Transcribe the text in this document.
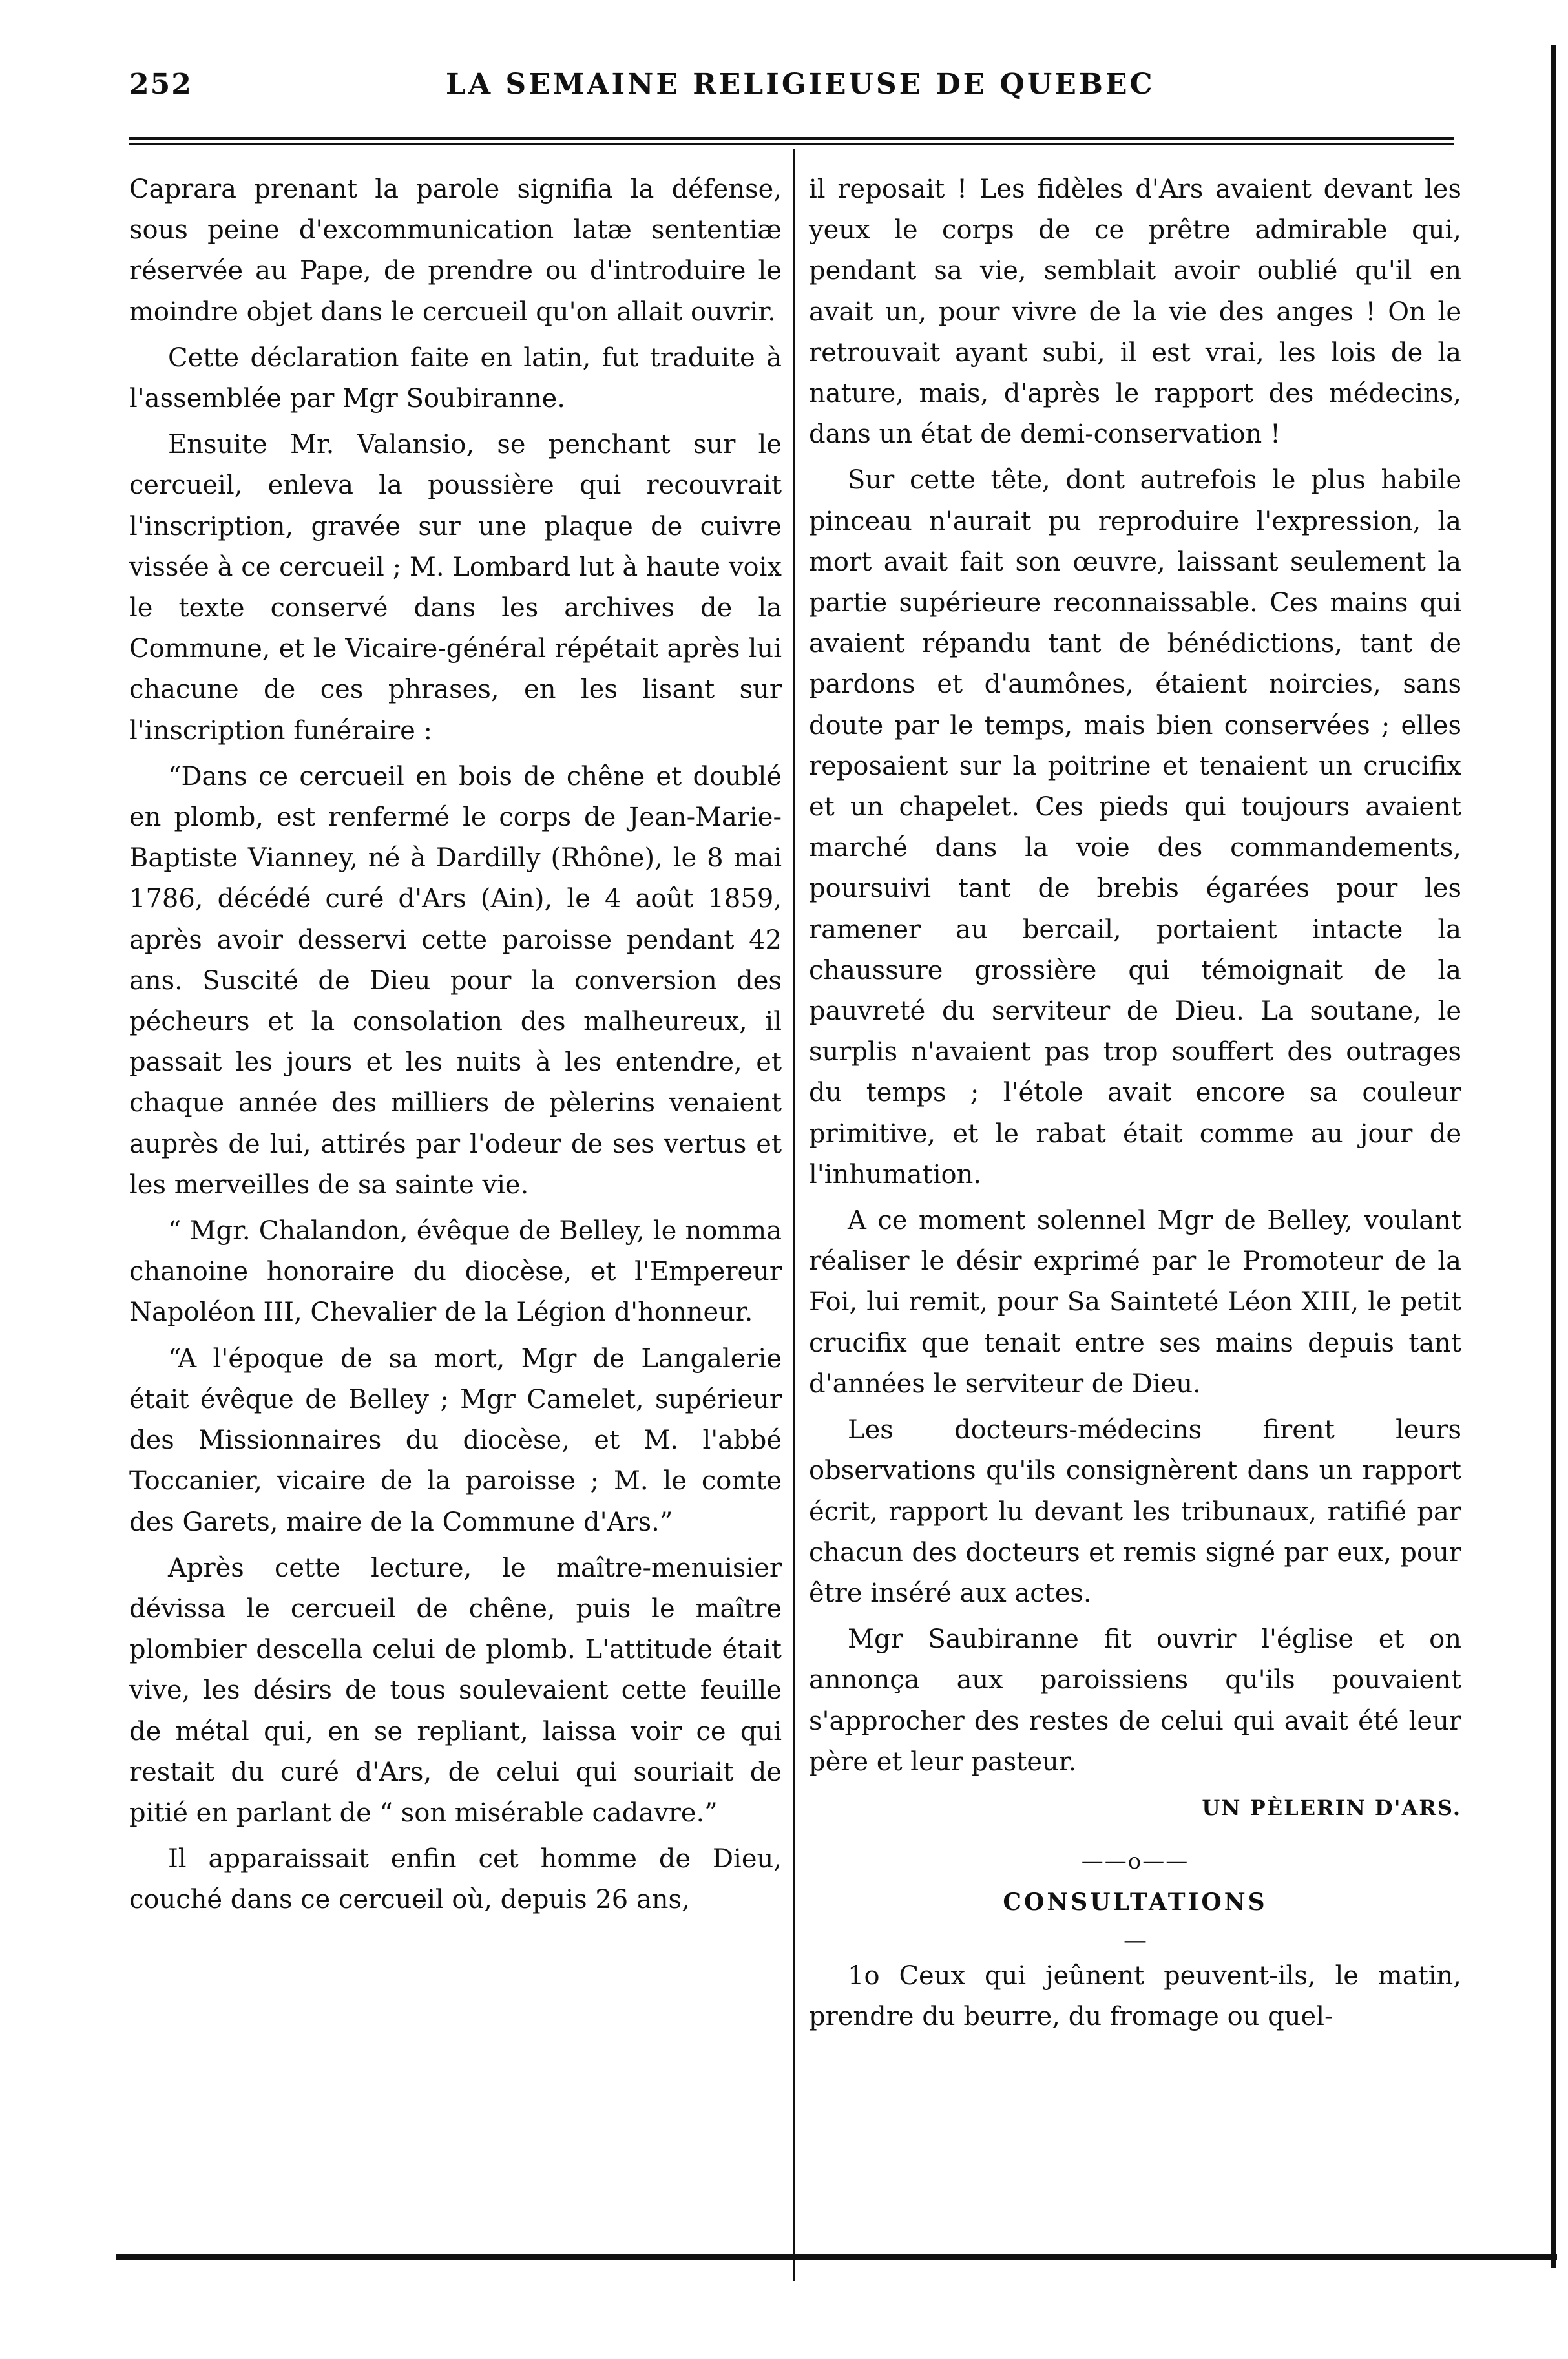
252	LA SEMAINE RELIGIEUSE DE QUEBEC

Caprara prenant la parole signifia la défense, sous peine d'excommunication latæ sententiæ réservée au Pape, de prendre ou d'introduire le moindre objet dans le cercueil qu'on allait ouvrir.

Cette déclaration faite en latin, fut traduite à l'assemblée par Mgr Soubiranne.

Ensuite Mr. Valansio, se penchant sur le cercueil, enleva la poussière qui recouvrait l'inscription, gravée sur une plaque de cuivre vissée à ce cercueil ; M. Lombard lut à haute voix le texte conservé dans les archives de la Commune, et le Vicaire-général répétait après lui chacune de ces phrases, en les lisant sur l'inscription funéraire :

“Dans ce cercueil en bois de chêne et doublé en plomb, est renfermé le corps de Jean-Marie-Baptiste Vianney, né à Dardilly (Rhône), le 8 mai 1786, décédé curé d'Ars (Ain), le 4 août 1859, après avoir desservi cette paroisse pendant 42 ans. Suscité de Dieu pour la conversion des pécheurs et la consolation des malheureux, il passait les jours et les nuits à les entendre, et chaque année des milliers de pèlerins venaient auprès de lui, attirés par l'odeur de ses vertus et les merveilles de sa sainte vie.

“ Mgr. Chalandon, évêque de Belley, le nomma chanoine honoraire du diocèse, et l'Empereur Napoléon III, Chevalier de la Légion d'honneur.

“A l'époque de sa mort, Mgr de Langalerie était évêque de Belley ; Mgr Camelet, supérieur des Missionnaires du diocèse, et M. l'abbé Toccanier, vicaire de la paroisse ; M. le comte des Garets, maire de la Commune d'Ars.”

Après cette lecture, le maître-menuisier dévissa le cercueil de chêne, puis le maître plombier descella celui de plomb. L'attitude était vive, les désirs de tous soulevaient cette feuille de métal qui, en se repliant, laissa voir ce qui restait du curé d'Ars, de celui qui souriait de pitié en parlant de “ son misérable cadavre.”

Il apparaissait enfin cet homme de Dieu, couché dans ce cercueil où, depuis 26 ans,

il reposait ! Les fidèles d'Ars avaient devant les yeux le corps de ce prêtre admirable qui, pendant sa vie, semblait avoir oublié qu'il en avait un, pour vivre de la vie des anges ! On le retrouvait ayant subi, il est vrai, les lois de la nature, mais, d'après le rapport des médecins, dans un état de demi-conservation !

Sur cette tête, dont autrefois le plus habile pinceau n'aurait pu reproduire l'expression, la mort avait fait son œuvre, laissant seulement la partie supérieure reconnaissable. Ces mains qui avaient répandu tant de bénédictions, tant de pardons et d'aumônes, étaient noircies, sans doute par le temps, mais bien conservées ; elles reposaient sur la poitrine et tenaient un crucifix et un chapelet. Ces pieds qui toujours avaient marché dans la voie des commandements, poursuivi tant de brebis égarées pour les ramener au bercail, portaient intacte la chaussure grossière qui témoignait de la pauvreté du serviteur de Dieu. La soutane, le surplis n'avaient pas trop souffert des outrages du temps ; l'étole avait encore sa couleur primitive, et le rabat était comme au jour de l'inhumation.

A ce moment solennel Mgr de Belley, voulant réaliser le désir exprimé par le Promoteur de la Foi, lui remit, pour Sa Sainteté Léon XIII, le petit crucifix que tenait entre ses mains depuis tant d'années le serviteur de Dieu.

Les docteurs-médecins firent leurs observations qu'ils consignèrent dans un rapport écrit, rapport lu devant les tribunaux, ratifié par chacun des docteurs et remis signé par eux, pour être inséré aux actes.

Mgr Saubiranne fit ouvrir l'église et on annonça aux paroissiens qu'ils pouvaient s'approcher des restes de celui qui avait été leur père et leur pasteur.

UN PÈLERIN D'ARS.
——o——
CONSULTATIONS
—

1o Ceux qui jeûnent peuvent-ils, le matin, prendre du beurre, du fromage ou quel-
